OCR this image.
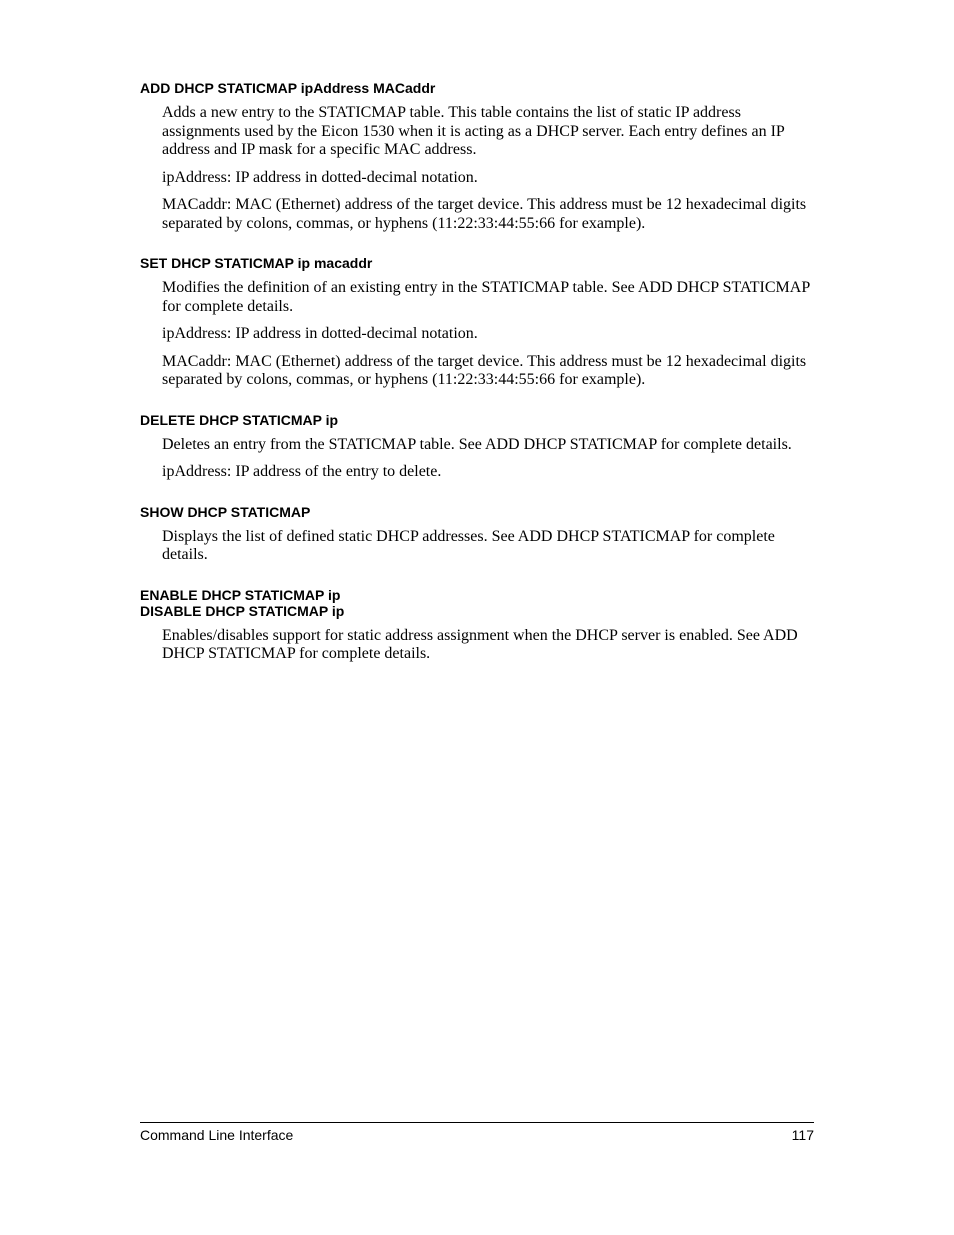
ADD DHCP STATICMAP ipAddress MACaddr

Adds a new entry to the STATICMAP table. This table contains the list of static IP address assignments used by the Eicon 1530 when it is acting as a DHCP server. Each entry defines an IP address and IP mask for a specific MAC address.

ipAddress: IP address in dotted-decimal notation.

MACaddr: MAC (Ethernet) address of the target device. This address must be 12 hexadecimal digits separated by colons, commas, or hyphens (11:22:33:44:55:66 for example).

SET DHCP STATICMAP ip macaddr

Modifies the definition of an existing entry in the STATICMAP table. See ADD DHCP STATICMAP for complete details.

ipAddress: IP address in dotted-decimal notation.

MACaddr: MAC (Ethernet) address of the target device. This address must be 12 hexadecimal digits separated by colons, commas, or hyphens (11:22:33:44:55:66 for example).

DELETE DHCP STATICMAP ip

Deletes an entry from the STATICMAP table. See ADD DHCP STATICMAP for complete details.

ipAddress: IP address of the entry to delete.

SHOW DHCP STATICMAP

Displays the list of defined static DHCP addresses. See ADD DHCP STATICMAP for complete details.

ENABLE DHCP STATICMAP ip
DISABLE DHCP STATICMAP ip

Enables/disables support for static address assignment when the DHCP server is enabled. See ADD DHCP STATICMAP for complete details.

Command Line Interface	117
